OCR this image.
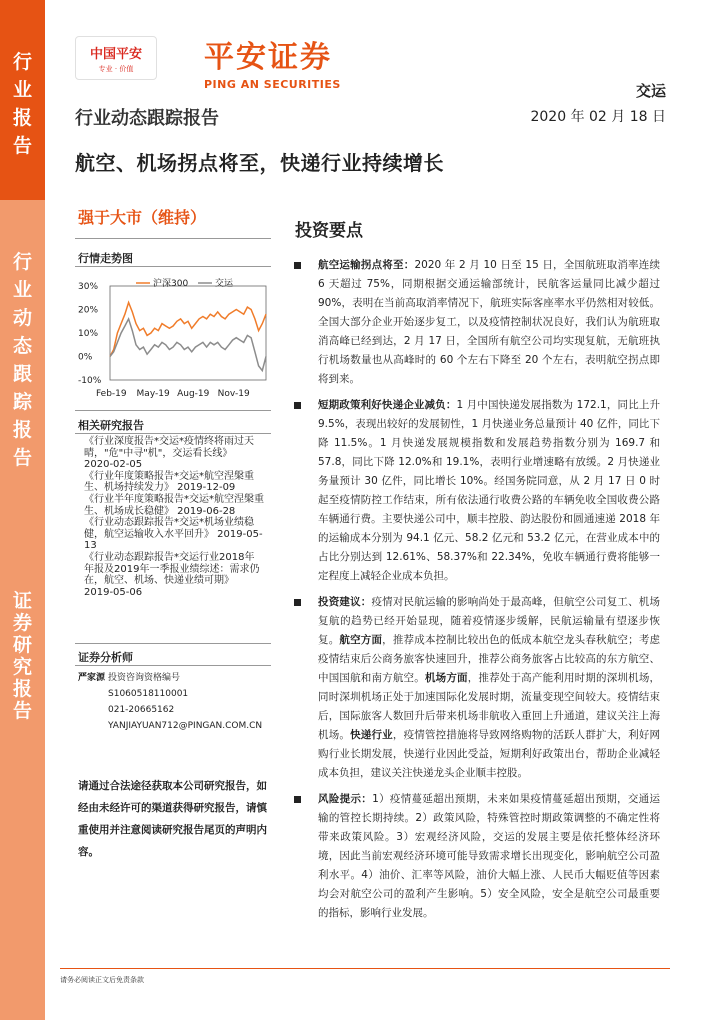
行
业
报
告
行
业
动
态
跟
踪
报
告
证
券
研
究
报
告
中国平安
专业 · 价值 平安证券
PING AN SECURITIES	交运
2020 年 02 月 18 日
行业动态跟踪报告
航空、机场拐点将至，快递行业持续增长
强于大市（维持）
行情走势图
30%
20%
10%
0%
-10%
Feb-19 May-19 Aug-19 Nov-19
沪深300	交运
相关研究报告
《行业深度报告*交运*疫情终将雨过天晴，"危"中寻"机"，交运看长线》 2020-02-05
《行业年度策略报告*交运*航空涅槃重生、机场持续发力》 2019-12-09
《行业半年度策略报告*交运*航空涅槃重生、机场成长稳健》 2019-06-28
《行业动态跟踪报告*交运*机场业绩稳健，航空运输收入水平回升》 2019-05-13
《行业动态跟踪报告*交运行业2018年年报及2019年一季报业绩综述：需求仍在，航空、机场、快递业绩可期》 2019-05-06
证券分析师
严家源 投资咨询资格编号
S1060518110001
021-20665162
YANJIAYUAN712@PINGAN.COM.CN
请通过合法途径获取本公司研究报告，如经由未经许可的渠道获得研究报告，请慎重使用并注意阅读研究报告尾页的声明内容。
投资要点
航空运输拐点将至：2020 年 2 月 10 日至 15 日，全国航班取消率连续 6 天超过 75%，同期根据交通运输部统计，民航客运量同比减少超过 90%，表明在当前高取消率情况下，航班实际客座率水平仍然相对较低。全国大部分企业开始逐步复工，以及疫情控制状况良好，我们认为航班取消高峰已经到达，2 月 17 日，全国所有航空公司均实现复航，无航班执行机场数量也从高峰时的 60 个左右下降至 20 个左右，表明航空拐点即将到来。
短期政策利好快递企业减负：1 月中国快递发展指数为 172.1，同比上升 9.5%，表现出较好的发展韧性，1 月快递业务总量预计 40 亿件，同比下降 11.5%。1 月快递发展规模指数和发展趋势指数分别为 169.7 和 57.8，同比下降 12.0%和 19.1%，表明行业增速略有放缓。2 月快递业务量预计 30 亿件，同比增长 10%。经国务院同意，从 2 月 17 日 0 时起至疫情防控工作结束，所有依法通行收费公路的车辆免收全国收费公路车辆通行费。主要快递公司中，顺丰控股、韵达股份和圆通速递 2018 年的运输成本分别为 94.1 亿元、58.2 亿元和 53.2 亿元，在营业成本中的占比分别达到 12.61%、58.37%和 22.34%，免收车辆通行费将能够一定程度上减轻企业成本负担。
投资建议：疫情对民航运输的影响尚处于最高峰，但航空公司复工、机场复航的趋势已经开始显现，随着疫情逐步缓解，民航运输量有望逐步恢复。航空方面，推荐成本控制比较出色的低成本航空龙头春秋航空；考虑疫情结束后公商务旅客快速回升，推荐公商务旅客占比较高的东方航空、中国国航和南方航空。机场方面，推荐处于高产能利用时期的深圳机场，同时深圳机场正处于加速国际化发展时期，流量变现空间较大。疫情结束后，国际旅客人数回升后带来机场非航收入重回上升通道，建议关注上海机场。快递行业，疫情管控措施将导致网络购物的活跃人群扩大，利好网购行业长期发展，快递行业因此受益，短期利好政策出台，帮助企业减轻成本负担，建议关注快递龙头企业顺丰控股。
风险提示：1）疫情蔓延超出预期，未来如果疫情蔓延超出预期，交通运输的管控长期持续。2）政策风险，特殊管控时期政策调整的不确定性将带来政策风险。3）宏观经济风险，交运的发展主要是依托整体经济环境，因此当前宏观经济环境可能导致需求增长出现变化，影响航空公司盈利水平。4）油价、汇率等风险，油价大幅上涨、人民币大幅贬值等因素均会对航空公司的盈利产生影响。5）安全风险，安全是航空公司最重要的指标，影响行业发展。
请务必阅读正文后免责条款
